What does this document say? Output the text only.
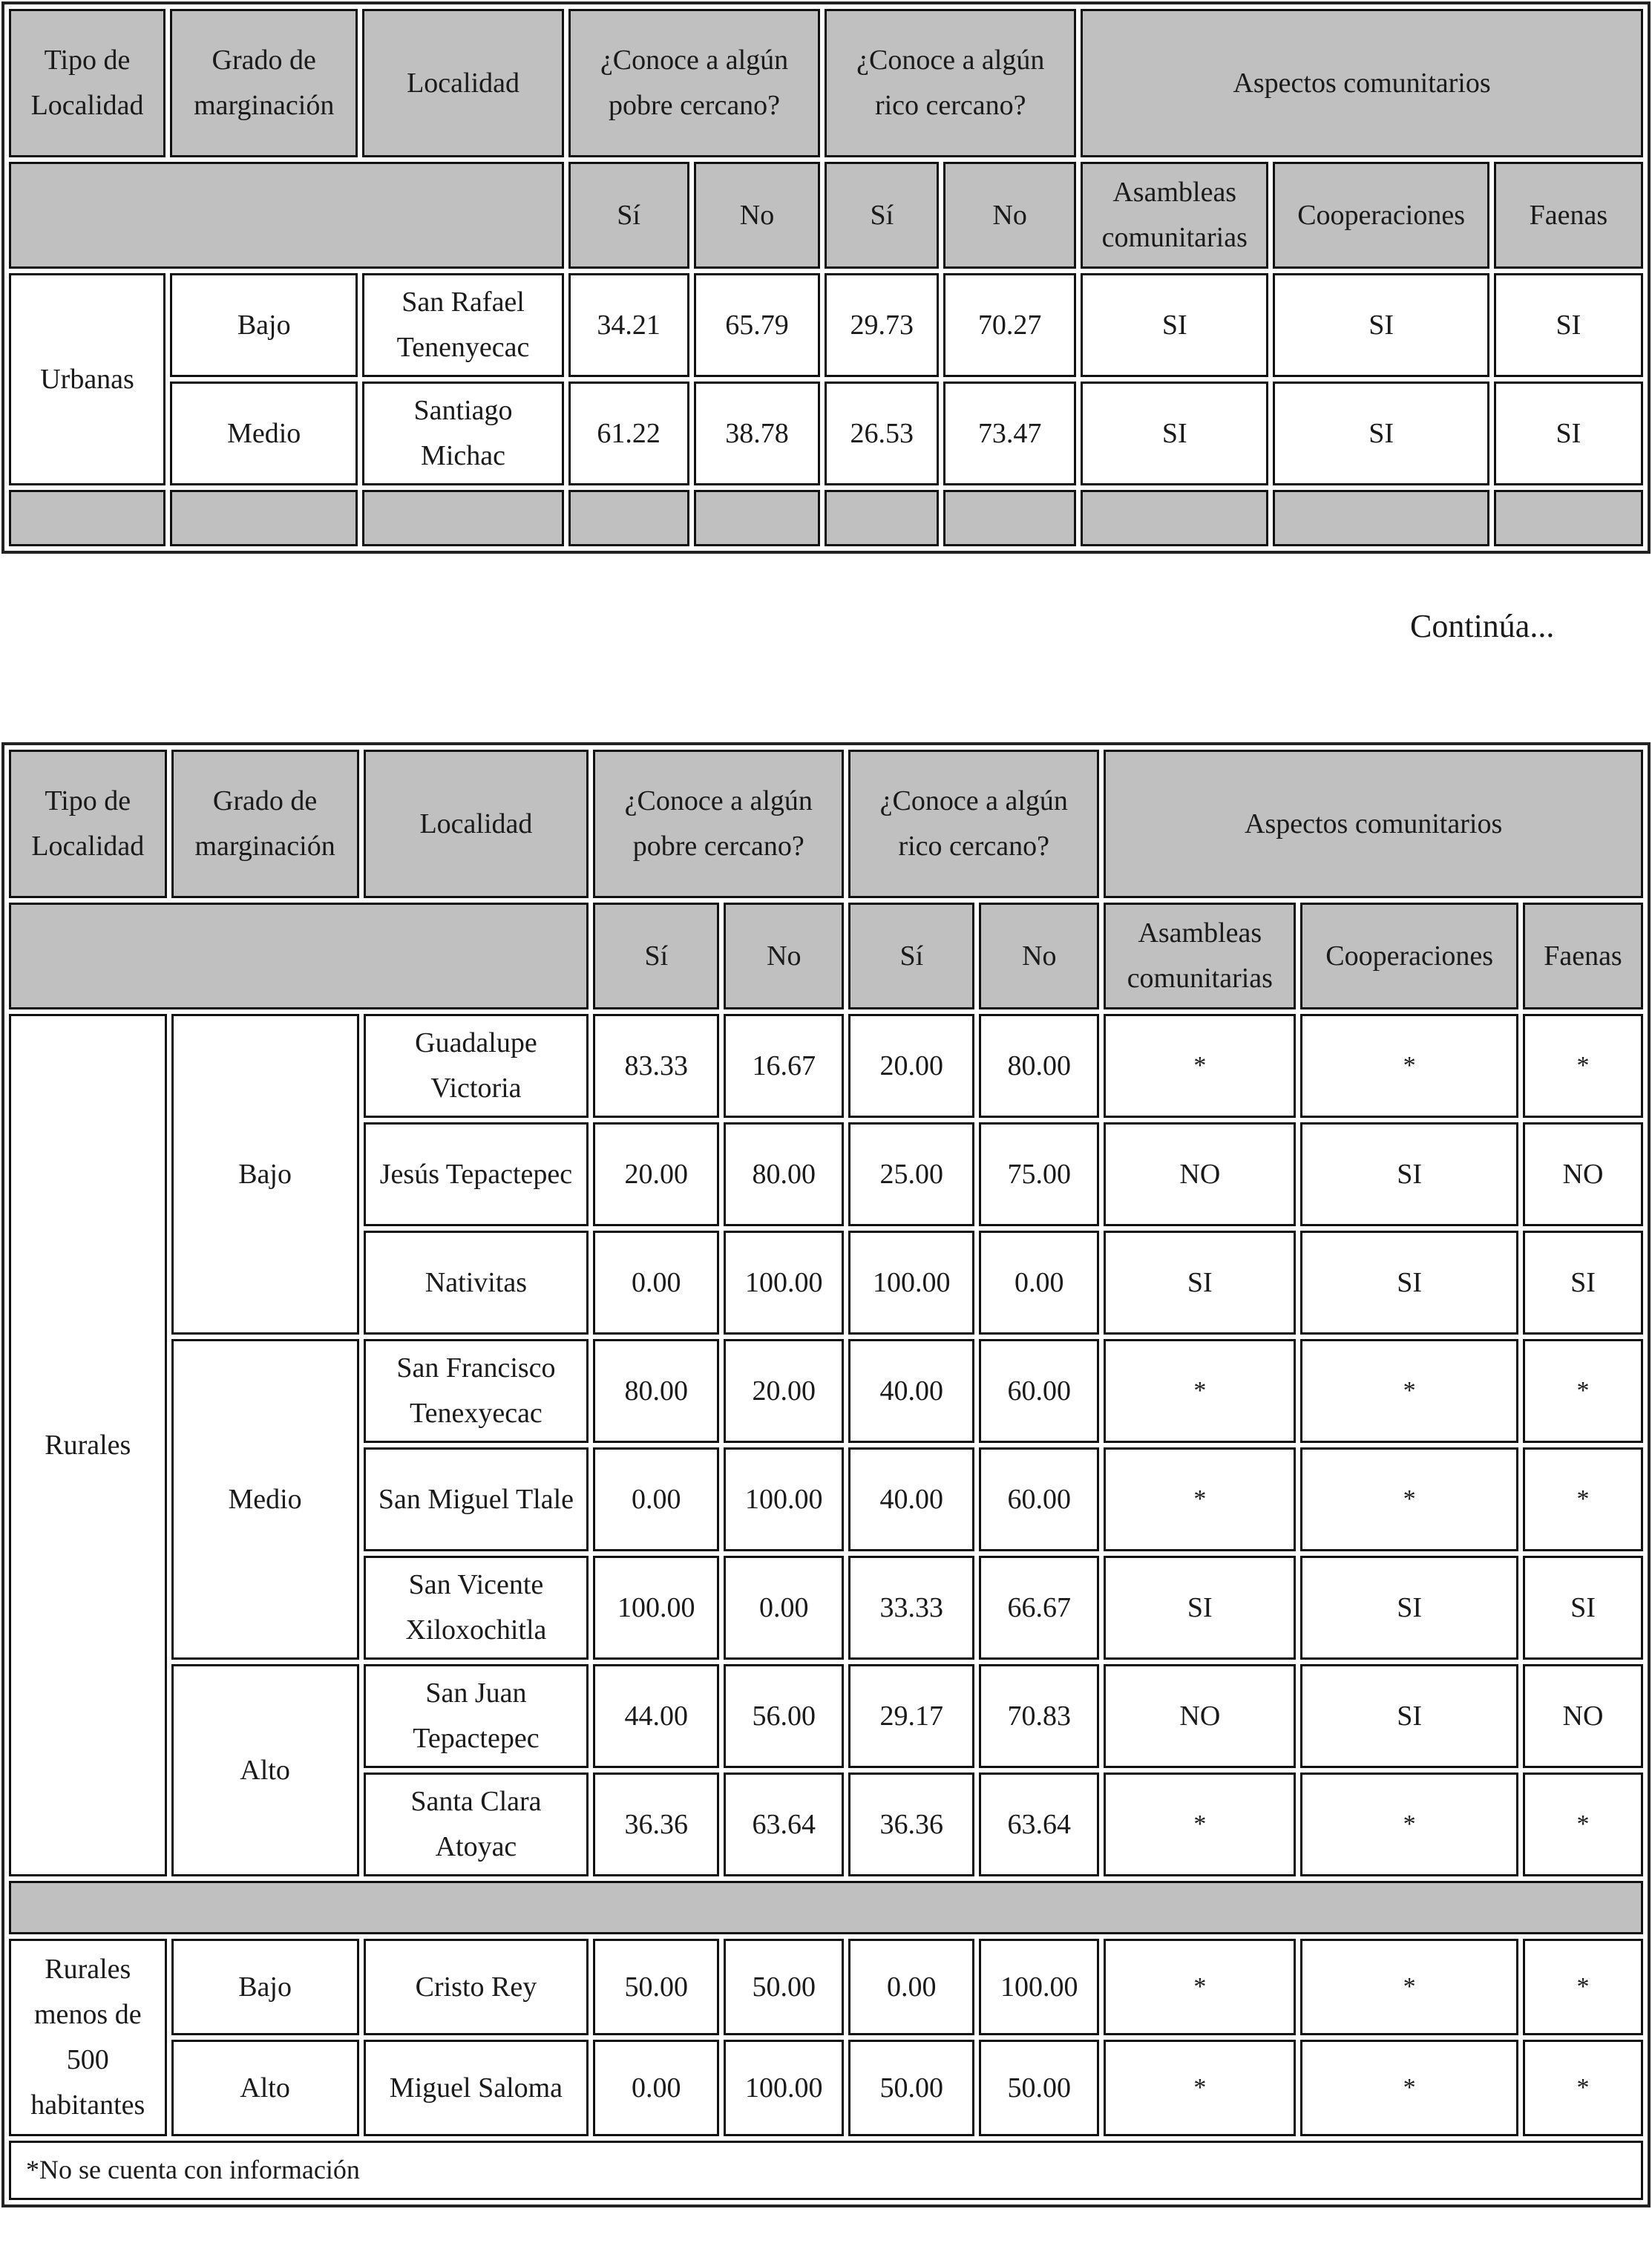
Tipo de Localidad	Grado de marginación	Localidad	¿Conoce a algún pobre cercano?		¿Conoce a algún rico cercano?		Aspectos comunitarios		
			Sí	No	Sí	No	Asambleas comunitarias	Cooperaciones	Faenas
Urbanas	Bajo	San Rafael Tenenyecac	34.21	65.79	29.73	70.27	SI	SI	SI
	Medio	Santiago Michac	61.22	38.78	26.53	73.47	SI	SI	SI

Continúa...
Tipo de Localidad	Grado de marginación	Localidad	¿Conoce a algún pobre cercano?		¿Conoce a algún rico cercano?		Aspectos comunitarios		
			Sí	No	Sí	No	Asambleas comunitarias	Cooperaciones	Faenas
Rurales	Bajo	Guadalupe Victoria	83.33	16.67	20.00	80.00	*	*	*
		Jesús Tepactepec	20.00	80.00	25.00	75.00	NO	SI	NO
		Nativitas	0.00	100.00	100.00	0.00	SI	SI	SI
	Medio	San Francisco Tenexyecac	80.00	20.00	40.00	60.00	*	*	*
		San Miguel Tlale	0.00	100.00	40.00	60.00	*	*	*
		San Vicente Xiloxochitla	100.00	0.00	33.33	66.67	SI	SI	SI
	Alto	San Juan Tepactepec	44.00	56.00	29.17	70.83	NO	SI	NO
		Santa Clara Atoyac	36.36	63.64	36.36	63.64	*	*	*

Rurales menos de 500 habitantes	Bajo	Cristo Rey	50.00	50.00	0.00	100.00	*	*	*
	Alto	Miguel Saloma	0.00	100.00	50.00	50.00	*	*	*
*No se cuenta con información									
